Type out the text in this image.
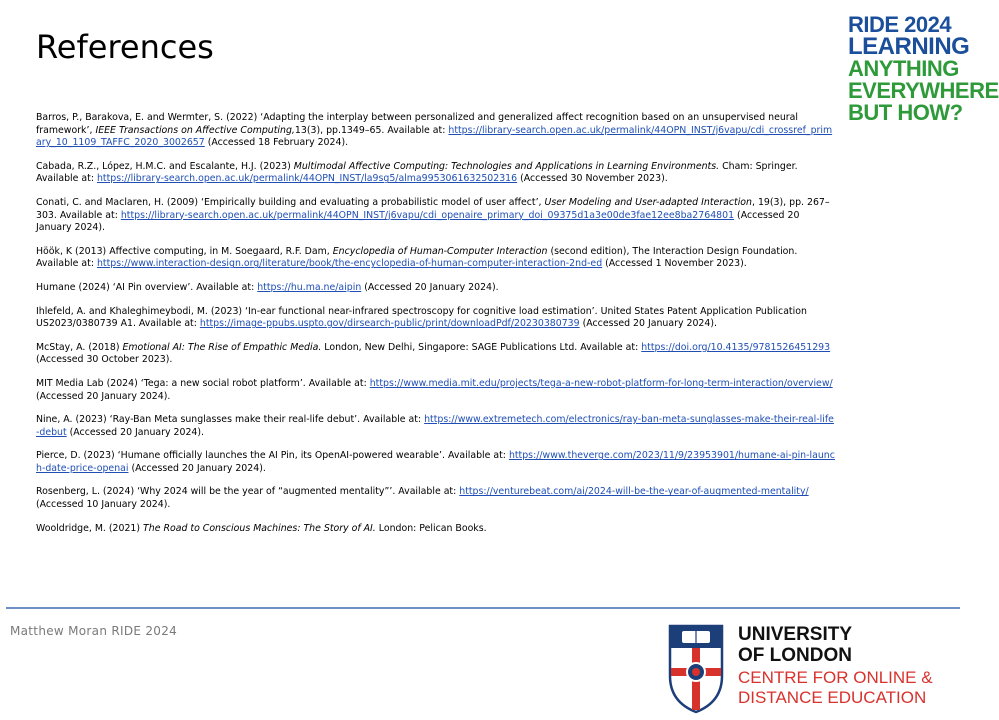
References
RIDE 2024
LEARNING
ANYTHING
EVERYWHERE
BUT HOW?

Barros, P., Barakova, E. and Wermter, S. (2022) ‘Adapting the interplay between personalized and generalized affect recognition based on an unsupervised neural framework’, IEEE Transactions on Affective Computing,13(3), pp.1349–65. Available at: https://library-search.open.ac.uk/permalink/44OPN_INST/j6vapu/cdi_crossref_primary_10_1109_TAFFC_2020_3002657 (Accessed 18 February 2024).

Cabada, R.Z., López, H.M.C. and Escalante, H.J. (2023) Multimodal Affective Computing: Technologies and Applications in Learning Environments. Cham: Springer. Available at: https://library-search.open.ac.uk/permalink/44OPN_INST/la9sg5/alma9953061632502316 (Accessed 30 November 2023).

Conati, C. and Maclaren, H. (2009) ‘Empirically building and evaluating a probabilistic model of user affect’, User Modeling and User-adapted Interaction, 19(3), pp. 267–303. Available at: https://library-search.open.ac.uk/permalink/44OPN_INST/j6vapu/cdi_openaire_primary_doi_09375d1a3e00de3fae12ee8ba2764801 (Accessed 20 January 2024).

Höök, K (2013) Affective computing, in M. Soegaard, R.F. Dam, Encyclopedia of Human-Computer Interaction (second edition), The Interaction Design Foundation. Available at: https://www.interaction-design.org/literature/book/the-encyclopedia-of-human-computer-interaction-2nd-ed (Accessed 1 November 2023).

Humane (2024) ‘AI Pin overview’. Available at: https://hu.ma.ne/aipin (Accessed 20 January 2024).

Ihlefeld, A. and Khaleghimeybodi, M. (2023) ‘In-ear functional near-infrared spectroscopy for cognitive load estimation’. United States Patent Application Publication US2023/0380739 A1. Available at: https://image-ppubs.uspto.gov/dirsearch-public/print/downloadPdf/20230380739 (Accessed 20 January 2024).

McStay, A. (2018) Emotional AI: The Rise of Empathic Media. London, New Delhi, Singapore: SAGE Publications Ltd. Available at: https://doi.org/10.4135/9781526451293 (Accessed 30 October 2023).

MIT Media Lab (2024) ‘Tega: a new social robot platform’. Available at: https://www.media.mit.edu/projects/tega-a-new-robot-platform-for-long-term-interaction/overview/ (Accessed 20 January 2024).

Nine, A. (2023) ‘Ray-Ban Meta sunglasses make their real-life debut’. Available at: https://www.extremetech.com/electronics/ray-ban-meta-sunglasses-make-their-real-life-debut (Accessed 20 January 2024).

Pierce, D. (2023) ‘Humane officially launches the AI Pin, its OpenAI-powered wearable’. Available at: https://www.theverge.com/2023/11/9/23953901/humane-ai-pin-launch-date-price-openai (Accessed 20 January 2024).

Rosenberg, L. (2024) ‘Why 2024 will be the year of “augmented mentality”’. Available at: https://venturebeat.com/ai/2024-will-be-the-year-of-augmented-mentality/ (Accessed 10 January 2024).

Wooldridge, M. (2021) The Road to Conscious Machines: The Story of AI. London: Pelican Books.

Matthew Moran RIDE 2024	UNIVERSITY
OF LONDON
CENTRE FOR ONLINE &
DISTANCE EDUCATION
